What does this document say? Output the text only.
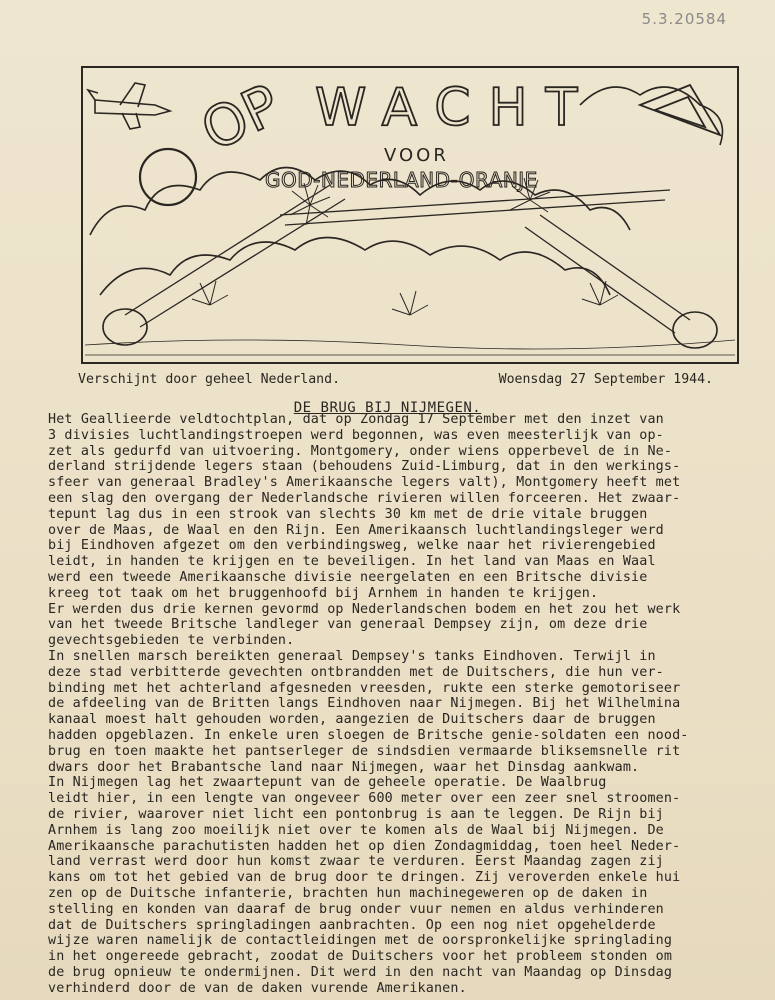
5.3.20584
OP WACHT
VOOR
GOD-NEDERLAND-ORANJE
Verschijnt door geheel Nederland.	Woensdag 27 September 1944.
DE BRUG BIJ NIJMEGEN.
Het Geallieerde veldtochtplan, dat op Zondag 17 September met den inzet van
3 divisies luchtlandingstroepen werd begonnen, was even meesterlijk van op-
zet als gedurfd van uitvoering. Montgomery, onder wiens opperbevel de in Ne-
derland strijdende legers staan (behoudens Zuid-Limburg, dat in den werkings-
sfeer van generaal Bradley's Amerikaansche legers valt), Montgomery heeft met
een slag den overgang der Nederlandsche rivieren willen forceeren. Het zwaar-
tepunt lag dus in een strook van slechts 30 km met de drie vitale bruggen
over de Maas, de Waal en den Rijn. Een Amerikaansch luchtlandingsleger werd
bij Eindhoven afgezet om den verbindingsweg, welke naar het rivierengebied
leidt, in handen te krijgen en te beveiligen. In het land van Maas en Waal
werd een tweede Amerikaansche divisie neergelaten en een Britsche divisie
kreeg tot taak om het bruggenhoofd bij Arnhem in handen te krijgen.
Er werden dus drie kernen gevormd op Nederlandschen bodem en het zou het werk
van het tweede Britsche landleger van generaal Dempsey zijn, om deze drie
gevechtsgebieden te verbinden.
In snellen marsch bereikten generaal Dempsey's tanks Eindhoven. Terwijl in
deze stad verbitterde gevechten ontbrandden met de Duitschers, die hun ver-
binding met het achterland afgesneden vreesden, rukte een sterke gemotoriseer
de afdeeling van de Britten langs Eindhoven naar Nijmegen. Bij het Wilhelmina
kanaal moest halt gehouden worden, aangezien de Duitschers daar de bruggen
hadden opgeblazen. In enkele uren sloegen de Britsche genie-soldaten een nood-
brug en toen maakte het pantserleger de sindsdien vermaarde bliksemsnelle rit
dwars door het Brabantsche land naar Nijmegen, waar het Dinsdag aankwam.
In Nijmegen lag het zwaartepunt van de geheele operatie. De Waalbrug
leidt hier, in een lengte van ongeveer 600 meter over een zeer snel stroomen-
de rivier, waarover niet licht een pontonbrug is aan te leggen. De Rijn bij
Arnhem is lang zoo moeilijk niet over te komen als de Waal bij Nijmegen. De
Amerikaansche parachutisten hadden het op dien Zondagmiddag, toen heel Neder-
land verrast werd door hun komst zwaar te verduren. Eerst Maandag zagen zij
kans om tot het gebied van de brug door te dringen. Zij veroverden enkele hui
zen op de Duitsche infanterie, brachten hun machinegeweren op de daken in
stelling en konden van daaraf de brug onder vuur nemen en aldus verhinderen
dat de Duitschers springladingen aanbrachten. Op een nog niet opgehelderde
wijze waren namelijk de contactleidingen met de oorspronkelijke springlading
in het ongereede gebracht, zoodat de Duitschers voor het probleem stonden om
de brug opnieuw te ondermijnen. Dit werd in den nacht van Maandag op Dinsdag
verhinderd door de van de daken vurende Amerikanen.
